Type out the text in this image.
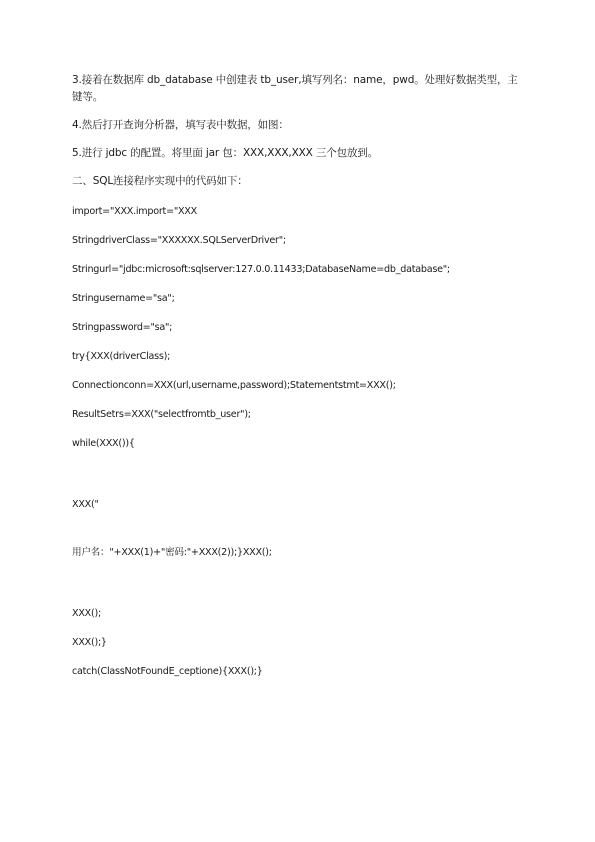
3.接着在数据库 db_database 中创建表 tb_user,填写列名：name，pwd。处理好数据类型，主键等。

4.然后打开查询分析器，填写表中数据，如图：

5.进行 jdbc 的配置。将里面 jar 包：XXX,XXX,XXX 三个包放到。

二、SQL连接程序实现中的代码如下：

import="XXX.import="XXX

StringdriverClass="XXXXXX.SQLServerDriver";

Stringurl="jdbc:microsoft:sqlserver:127.0.0.11433;DatabaseName=db_database";

Stringusername="sa";

Stringpassword="sa";

try{XXX(driverClass);

Connectionconn=XXX(url,username,password);Statementstmt=XXX();

ResultSetrs=XXX("selectfromtb_user");

while(XXX()){

XXX("

用户名："+XXX(1)+"密码:"+XXX(2));}XXX();

XXX();

XXX();}

catch(ClassNotFoundE_ceptione){XXX();}
